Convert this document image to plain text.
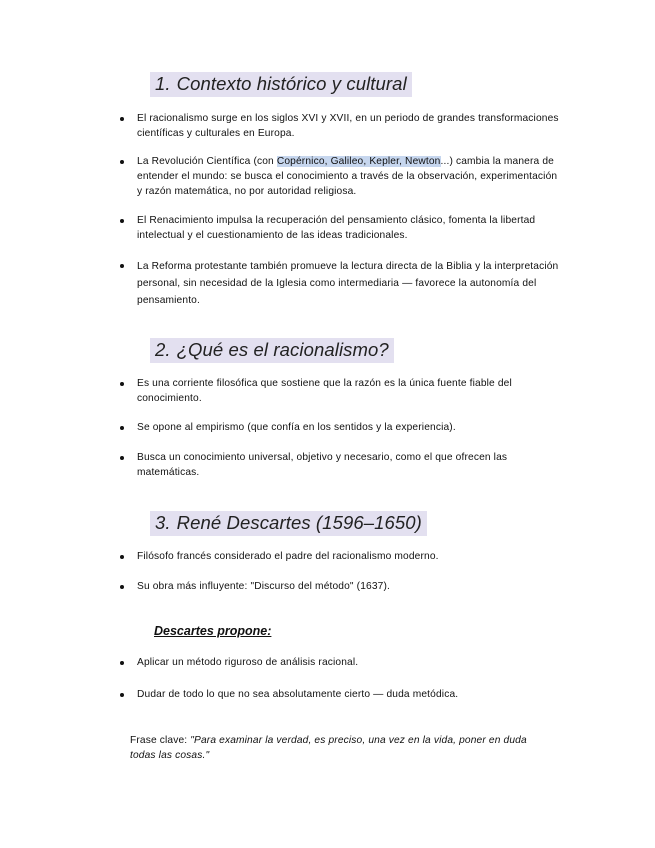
1. Contexto histórico y cultural
El racionalismo surge en los siglos XVI y XVII, en un periodo de grandes transformaciones científicas y culturales en Europa.
La Revolución Científica (con Copérnico, Galileo, Kepler, Newton...) cambia la manera de entender el mundo: se busca el conocimiento a través de la observación, experimentación y razón matemática, no por autoridad religiosa.
El Renacimiento impulsa la recuperación del pensamiento clásico, fomenta la libertad intelectual y el cuestionamiento de las ideas tradicionales.
La Reforma protestante también promueve la lectura directa de la Biblia y la interpretación personal, sin necesidad de la Iglesia como intermediaria — favorece la autonomía del pensamiento.
2. ¿Qué es el racionalismo?
Es una corriente filosófica que sostiene que la razón es la única fuente fiable del conocimiento.
Se opone al empirismo (que confía en los sentidos y la experiencia).
Busca un conocimiento universal, objetivo y necesario, como el que ofrecen las matemáticas.
3. René Descartes (1596–1650)
Filósofo francés considerado el padre del racionalismo moderno.
Su obra más influyente: "Discurso del método" (1637).
Descartes propone:
Aplicar un método riguroso de análisis racional.
Dudar de todo lo que no sea absolutamente cierto — duda metódica.
Frase clave: "Para examinar la verdad, es preciso, una vez en la vida, poner en duda todas las cosas."
